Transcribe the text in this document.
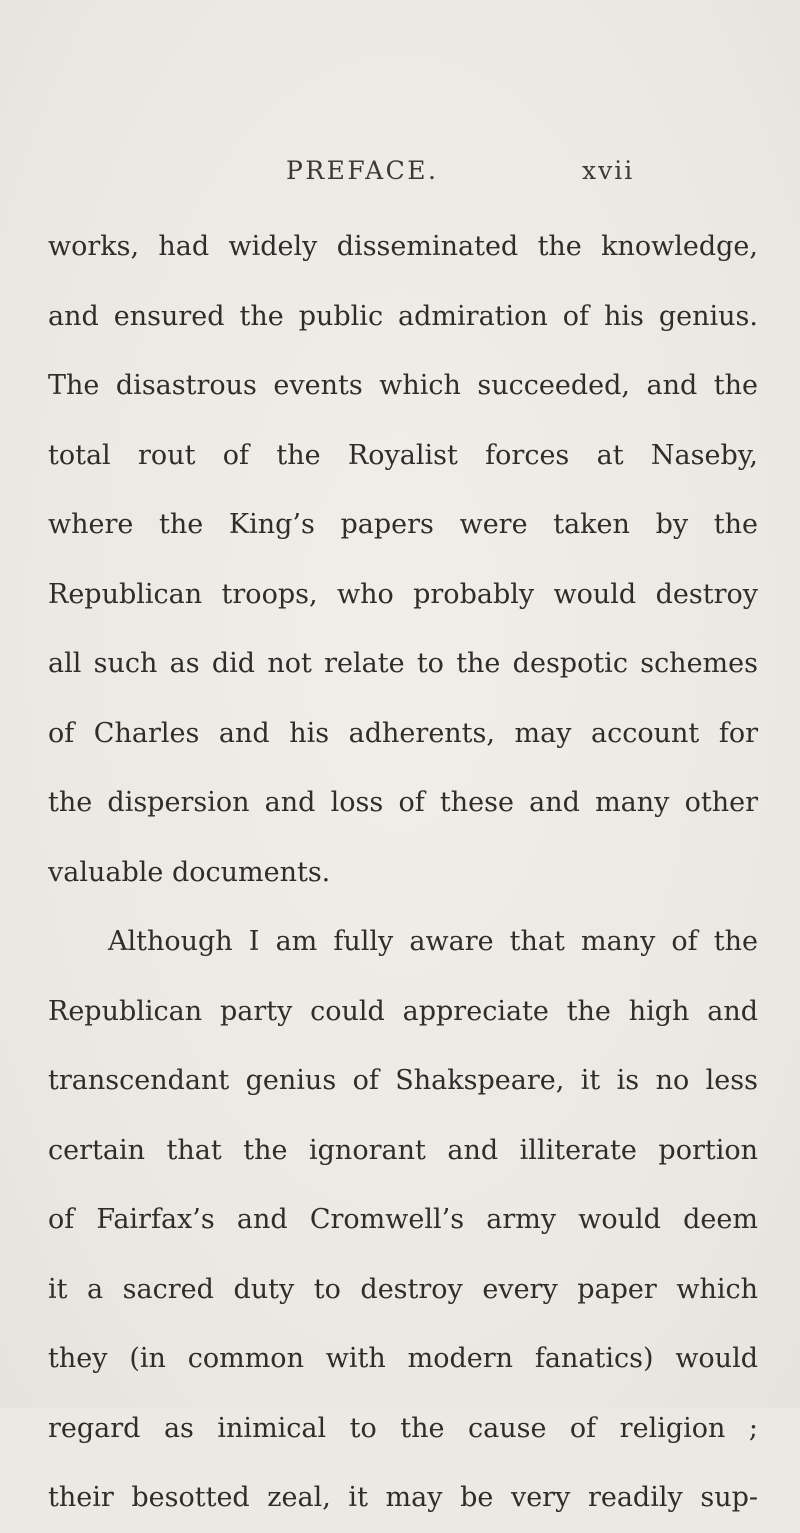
PREFACE.	xvii
works, had widely disseminated the knowledge,
and ensured the public admiration of his genius.
The disastrous events which succeeded, and the
total rout of the Royalist forces at Naseby,
where the King’s papers were taken by the
Republican troops, who probably would destroy
all such as did not relate to the despotic schemes
of Charles and his adherents, may account for
the dispersion and loss of these and many other
valuable documents.
Although I am fully aware that many of the
Republican party could appreciate the high and
transcendant genius of Shakspeare, it is no less
certain that the ignorant and illiterate portion
of Fairfax’s and Cromwell’s army would deem
it a sacred duty to destroy every paper which
they (in common with modern fanatics) would
regard as inimical to the cause of religion ;
their besotted zeal, it may be very readily sup-
